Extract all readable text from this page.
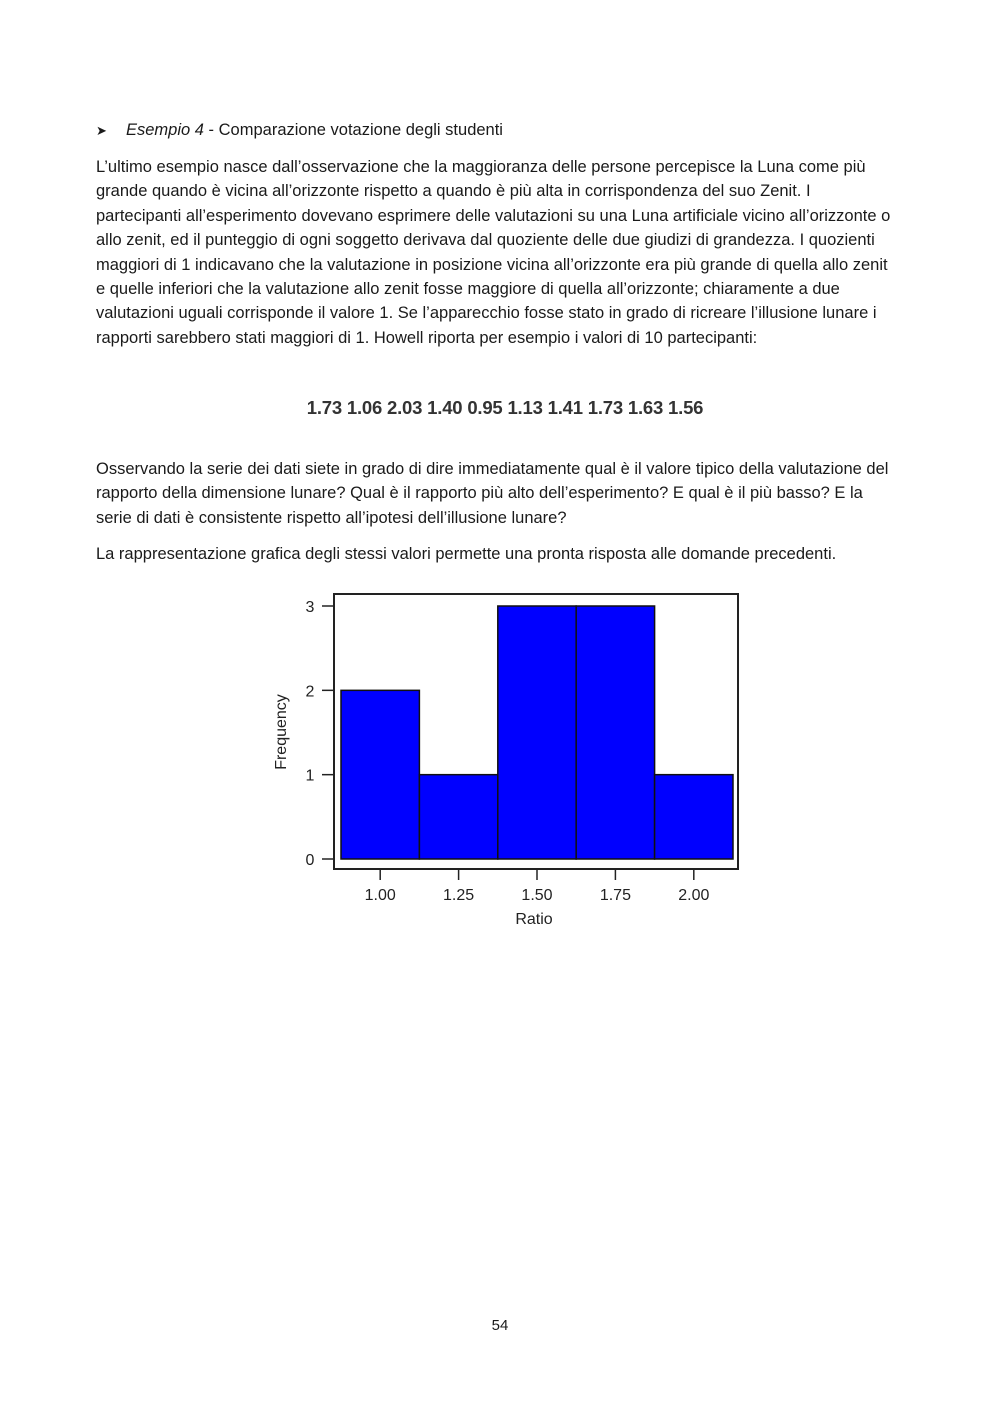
➤ Esempio 4 - Comparazione votazione degli studenti

L’ultimo esempio nasce dall’osservazione che la maggioranza delle persone percepisce la Luna come più grande quando è vicina all’orizzonte rispetto a quando è più alta in corrispondenza del suo Zenit. I partecipanti all’esperimento dovevano esprimere delle valutazioni su una Luna artificiale vicino all’orizzonte o allo zenit, ed il punteggio di ogni soggetto derivava dal quoziente delle due giudizi di grandezza. I quozienti maggiori di 1 indicavano che la valutazione in posizione vicina all’orizzonte era più grande di quella allo zenit e quelle inferiori che la valutazione allo zenit fosse maggiore di quella all’orizzonte; chiaramente a due valutazioni uguali corrisponde il valore 1. Se l’apparecchio fosse stato in grado di ricreare l’illusione lunare i rapporti sarebbero stati maggiori di 1. Howell riporta per esempio i valori di 10 partecipanti:

1.73 1.06 2.03 1.40 0.95 1.13 1.41 1.73 1.63 1.56

Osservando la serie dei dati siete in grado di dire immediatamente qual è il valore tipico della valutazione del rapporto della dimensione lunare? Qual è il rapporto più alto dell’esperimento? E qual è il più basso? E la serie di dati è consistente rispetto all’ipotesi dell’illusione lunare?

La rappresentazione grafica degli stessi valori permette una pronta risposta alle domande precedenti.

0
1
2
3
1.00	1.25	1.50	1.75	2.00
Ratio
Frequency
54
